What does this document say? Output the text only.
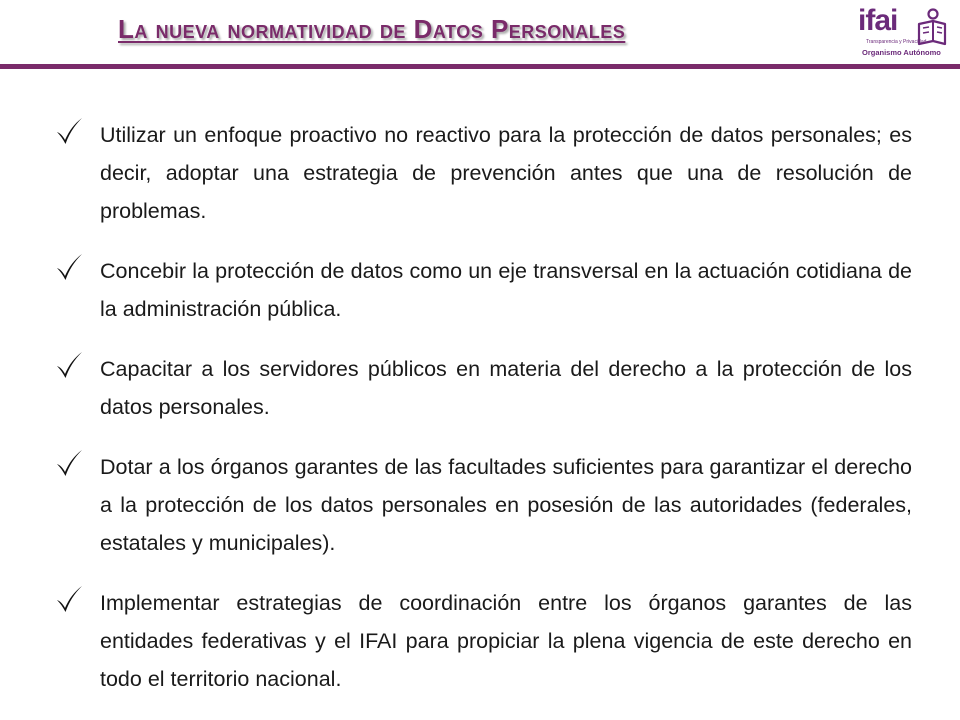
La nueva normatividad de Datos Personales	ifai
Transparencia y Privacidad
Organismo Autónomo
Utilizar un enfoque proactivo no reactivo para la protección de datos personales; es decir, adoptar una estrategia de prevención antes que una de resolución de problemas.
Concebir la protección de datos como un eje transversal en la actuación cotidiana de la administración pública.
Capacitar a los servidores públicos en materia del derecho a la protección de los datos personales.
Dotar a los órganos garantes de las facultades suficientes para garantizar el derecho a la protección de los datos personales en posesión de las autoridades (federales, estatales y municipales).
Implementar estrategias de coordinación entre los órganos garantes de las entidades federativas y el IFAI para propiciar la plena vigencia de este derecho en todo el territorio nacional.
